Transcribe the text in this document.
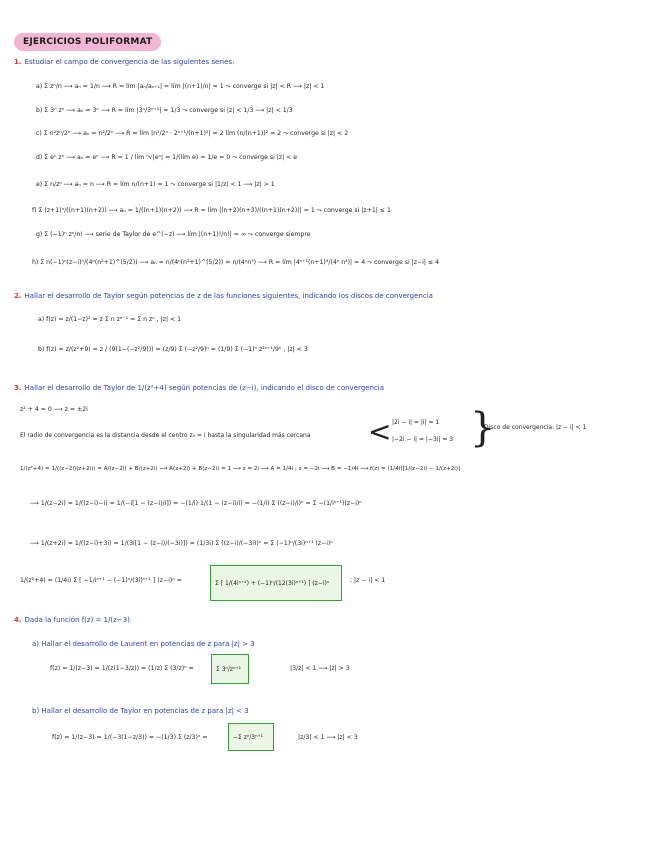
EJERCICIOS POLIFORMAT
1. Estudiar el campo de convergencia de las siguientes series:
a) Σ zⁿ/n ⟶ aₙ = 1/n ⟶ R = lím |aₙ/aₙ₊₁| = lím |(n+1)/n| = 1 ⤳ converge si |z| < R ⟶ |z| < 1
b) Σ 3ⁿ zⁿ ⟶ aₙ = 3ⁿ ⟶ R = lím |3ⁿ/3ⁿ⁺¹| = 1/3 ⤳ converge si |z| < 1/3 ⟶ |z| < 1/3
c) Σ n²zⁿ/2ⁿ ⟶ aₙ = n²/2ⁿ ⟶ R = lím |n²/2ⁿ · 2ⁿ⁺¹/(n+1)²| = 2 lím (n/(n+1))² = 2 ⤳ converge si |z| < 2
d) Σ eⁿ zⁿ ⟶ aₙ = eⁿ ⟶ R = 1 / lím ⁿ√|eⁿ| = 1/(lím e) = 1/e = 0 ⤳ converge si |z| < e
e) Σ n/zⁿ ⟶ aₙ = n ⟶ R = lím n/(n+1) = 1 ⤳ converge si |1/z| < 1 ⟶ |z| > 1
f) Σ (z+1)ⁿ/((n+1)(n+2)) ⟶ aₙ = 1/((n+1)(n+2)) ⟶ R = lím |(n+2)(n+3)/((n+1)(n+2))| = 1 ⤳ converge si |z+1| ≤ 1
g) Σ (−1)ⁿ zⁿ/n! ⟶ serie de Taylor de e^(−z) ⟶ lím |(n+1)!/n!| = ∞ ⤳ converge siempre
h) Σ n(−1)ⁿ(z−i)ⁿ/(4ⁿ(n²+1)^(5/2)) ⟶ aₙ = n/(4ⁿ(n²+1)^(5/2)) = n/(4ⁿn⁵) ⟶ R = lím |4ⁿ⁺¹(n+1)⁴/(4ⁿ n⁴)| = 4 ⤳ converge si |z−i| ≤ 4
2. Hallar el desarrollo de Taylor según potencias de z de las funciones siguientes, indicando los discos de convergencia
a) f(z) = z/(1−z)² = z Σ n zⁿ⁻¹ = Σ n zⁿ , |z| < 1
b) f(z) = z/(z²+9) = z / (9(1−(−z²/9))) = (z/9) Σ (−z²/9)ⁿ = (1/9) Σ (−1)ⁿ z²ⁿ⁺¹/9ⁿ , |z| < 3
3. Hallar el desarrollo de Taylor de 1/(z²+4) según potencias de (z−i), indicando el disco de convergencia
z² + 4 = 0 ⟶ z = ±2i
El radio de convergencia es la distancia desde el centro z₀ = i hasta la singularidad más cercana < |2i − i| = |i| = 1
|−2i − i| = |−3i| = 3 }
Disco de convergencia: |z − i| < 1
1/(z²+4) = 1/((z−2i)(z+2i)) = A/(z−2i) + B/(z+2i) ⟶ A(z+2i) + B(z−2i) = 1 ⟶ z = 2i ⟶ A = 1/4i ; z = −2i ⟶ B = −1/4i ⟶ f(z) = (1/4i)[1/(z−2i) − 1/(z+2i)]
⟶ 1/(z−2i) = 1/((z−i)−i) = 1/(−i[1 − (z−i)/i]) = −(1/i)·1/(1 − (z−i)/i) = −(1/i) Σ ((z−i)/i)ⁿ = Σ −(1/iⁿ⁺¹)(z−i)ⁿ
⟶ 1/(z+2i) = 1/((z−i)+3i) = 1/(3i[1 − (z−i)/(−3i)]) = (1/3i) Σ ((z−i)/(−3i))ⁿ = Σ (−1)ⁿ/(3i)ⁿ⁺¹ (z−i)ⁿ
1/(z²+4) = (1/4i) Σ [ −1/iⁿ⁺¹ − (−1)ⁿ/(3i)ⁿ⁺¹ ] (z−i)ⁿ =	Σ [ 1/(4iⁿ⁺²) + (−1)ⁿ/(12(3i)ⁿ⁺¹) ] (z−i)ⁿ	; |z − i| < 1
4. Dada la función f(z) = 1/(z−3)
a) Hallar el desarrollo de Laurent en potencias de z para |z| > 3
f(z) = 1/(z−3) = 1/(z(1−3/z)) = (1/z) Σ (3/z)ⁿ =	Σ 3ⁿ/zⁿ⁺¹	|3/z| < 1 ⟶ |z| > 3
b) Hallar el desarrollo de Taylor en potencias de z para |z| < 3
f(z) = 1/(z−3) = 1/(−3(1−z/3)) = −(1/3) Σ (z/3)ⁿ =	−Σ zⁿ/3ⁿ⁺¹	|z/3| < 1 ⟶ |z| < 3
